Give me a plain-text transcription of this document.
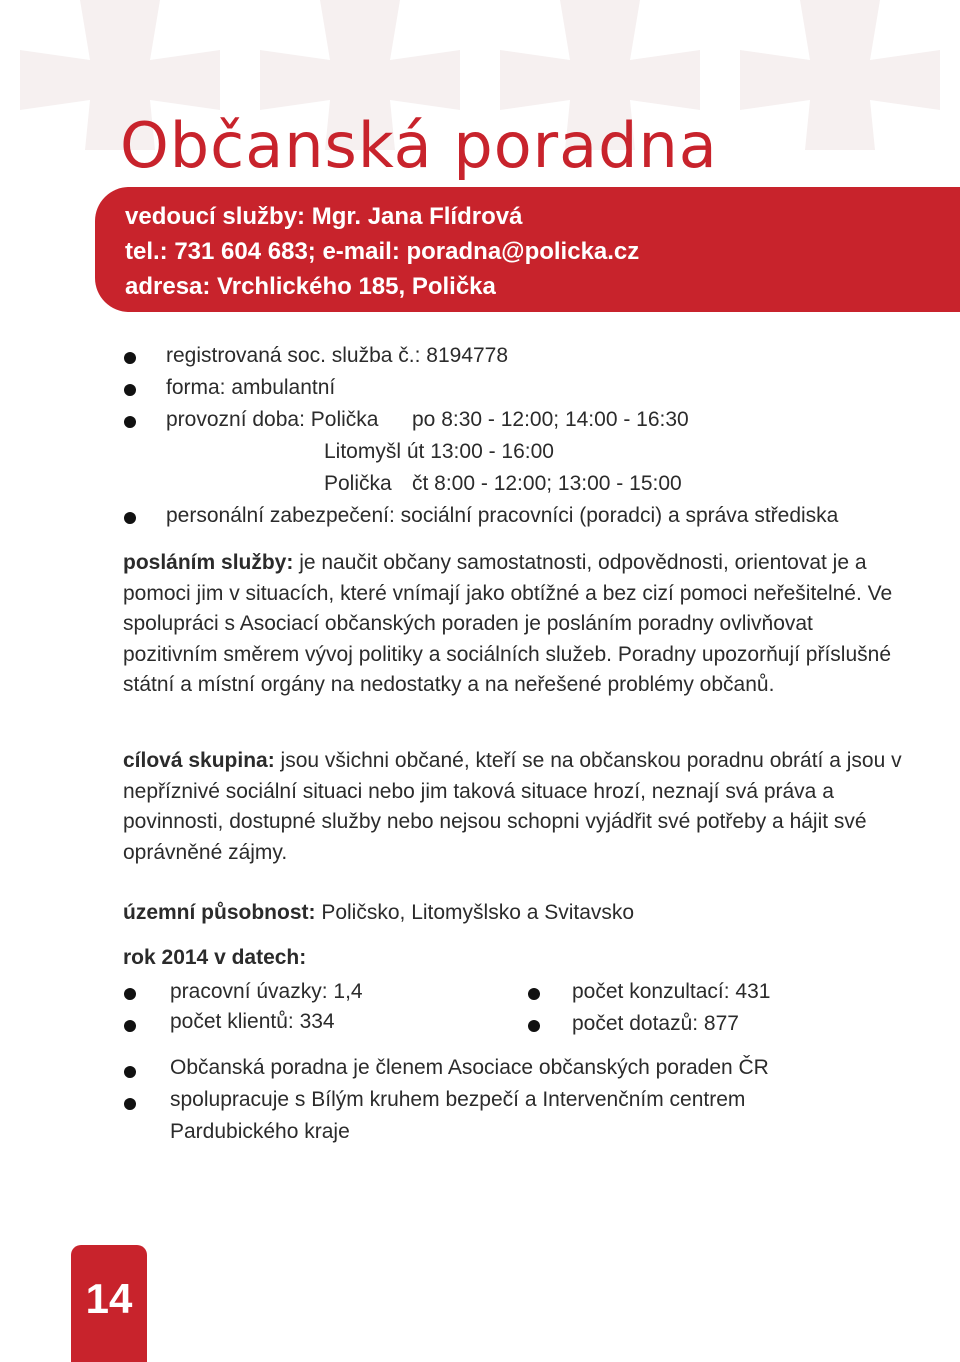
Občanská poradna
vedoucí služby: Mgr. Jana Flídrová
tel.: 731 604 683; e-mail: poradna@policka.cz
adresa: Vrchlického 185, Polička
registrovaná soc. služba č.: 8194778
forma: ambulantní
provozní doba: Polička po 8:30 - 12:00; 14:00 - 16:30
Litomyšl út 13:00 - 16:00
Polička čt 8:00 - 12:00; 13:00 - 15:00
personální zabezpečení: sociální pracovníci (poradci) a správa střediska
posláním služby: je naučit občany samostatnosti, odpovědnosti, orientovat je a pomoci jim v situacích, které vnímají jako obtížné a bez cizí pomoci neřešitelné. Ve spolupráci s Asociací občanských poraden je posláním poradny ovlivňovat pozitivním směrem vývoj politiky a sociálních služeb. Poradny upozorňují příslušné státní a místní orgány na nedostatky a na neřešené problémy občanů.
cílová skupina: jsou všichni občané, kteří se na občanskou poradnu obrátí a jsou v nepříznivé sociální situaci nebo jim taková situace hrozí, neznají svá práva a povinnosti, dostupné služby nebo nejsou schopni vyjádřit své potřeby a hájit své oprávněné zájmy.
územní působnost: Poličsko, Litomyšlsko a Svitavsko
rok 2014 v datech:
pracovní úvazky: 1,4
počet klientů: 334
počet konzultací: 431
počet dotazů: 877
Občanská poradna je členem Asociace občanských poraden ČR
spolupracuje s Bílým kruhem bezpečí a Intervenčním centrem
Pardubického kraje
14
